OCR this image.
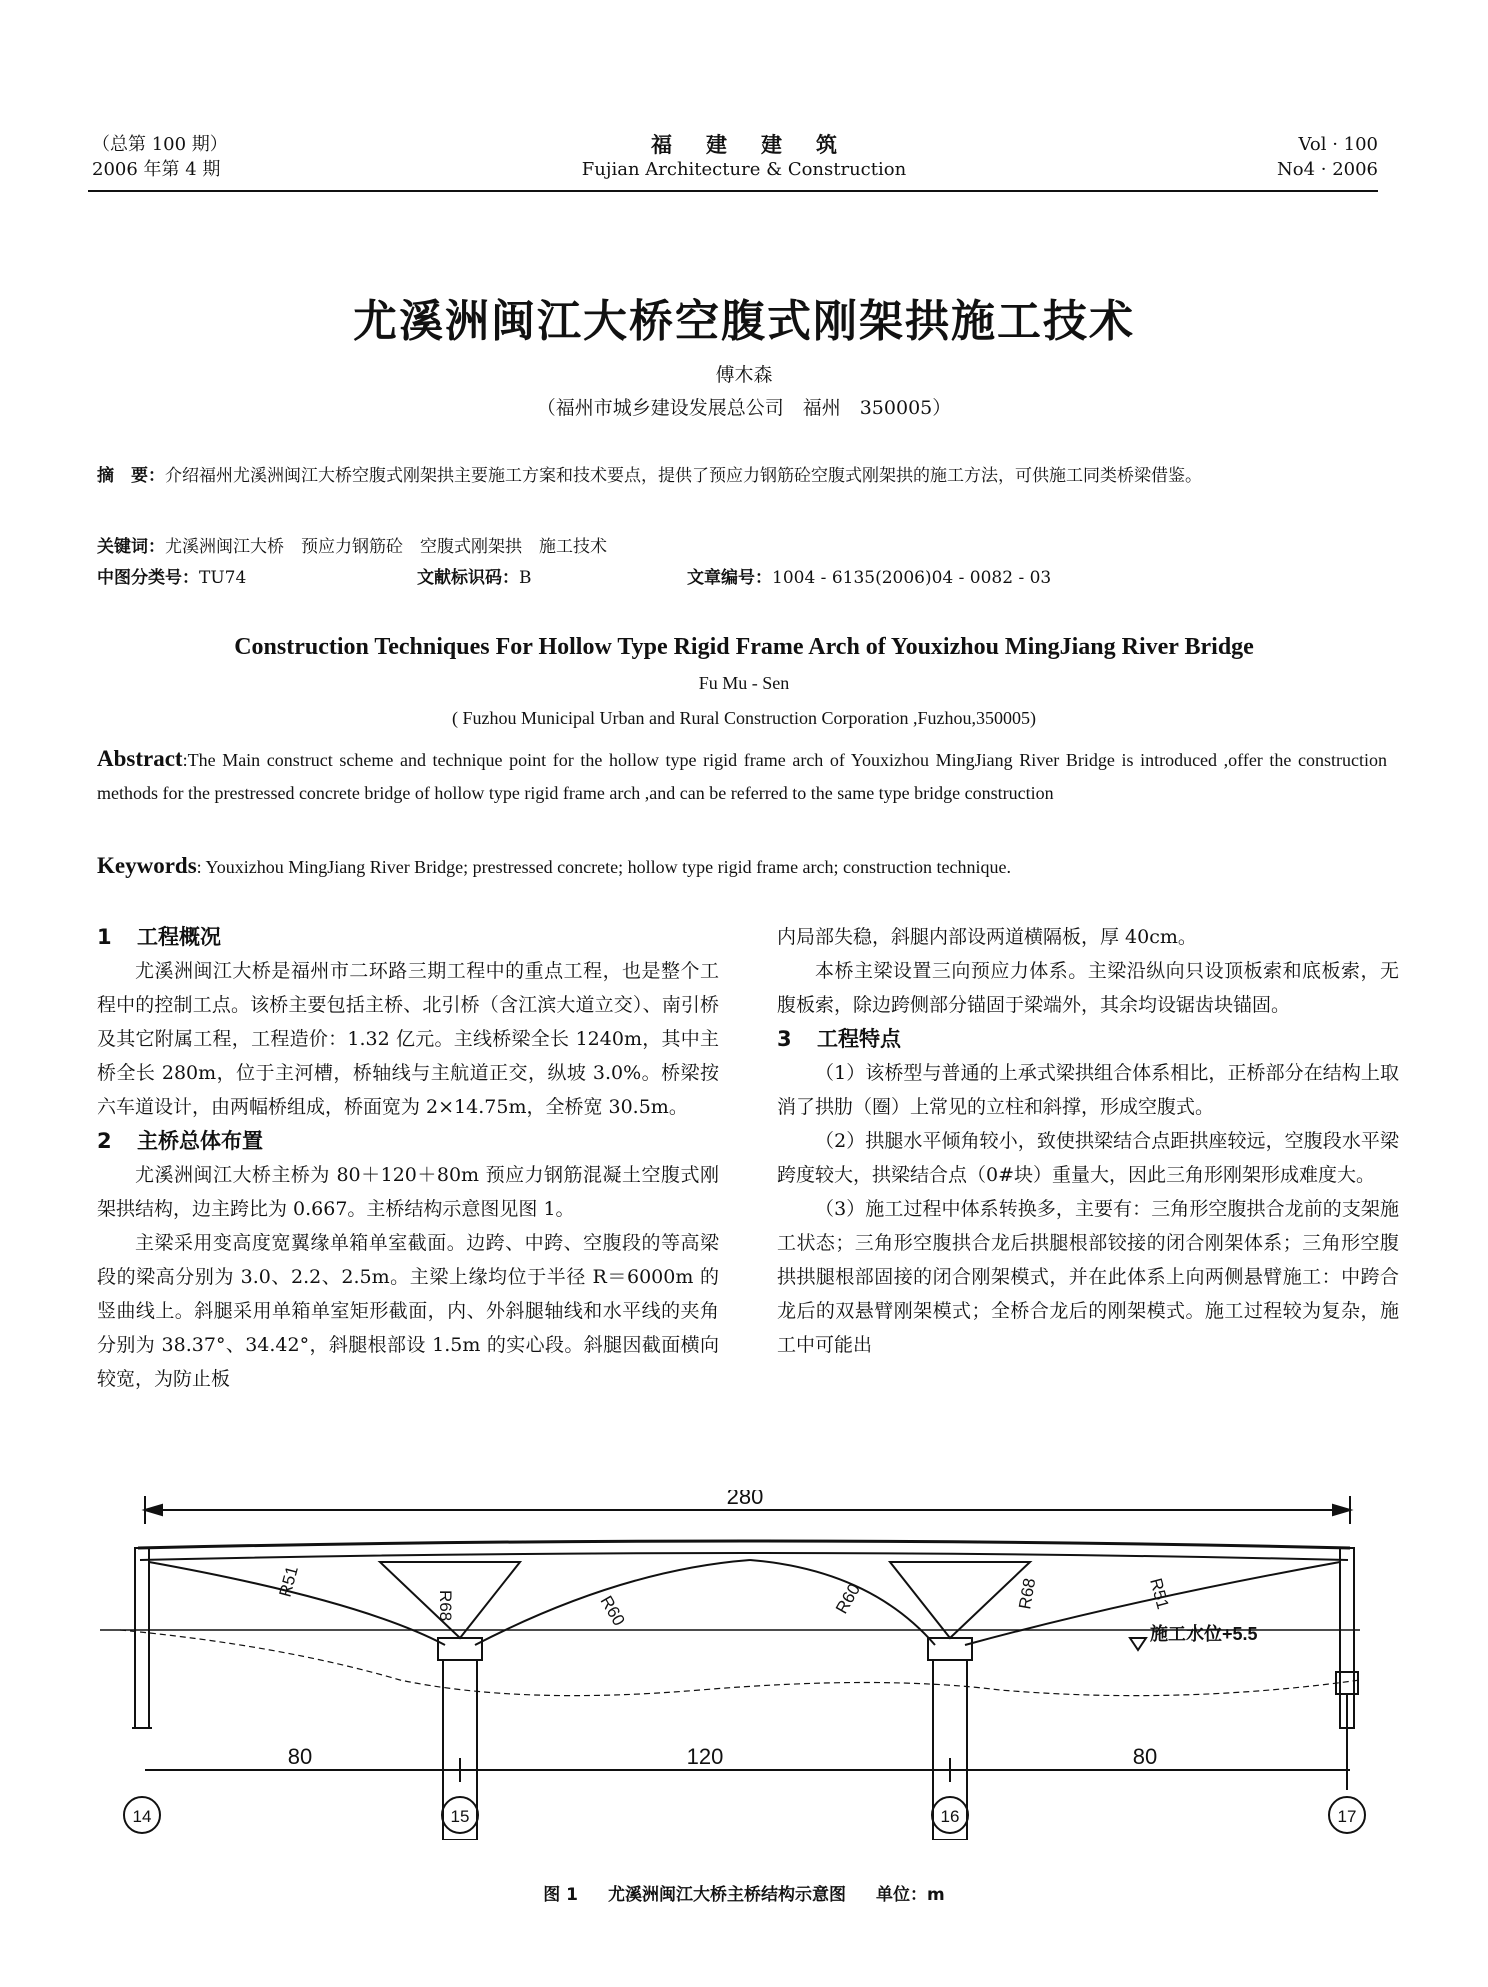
（总第 100 期）
2006 年第 4 期
福建建筑
Fujian Architecture & Construction
Vol · 100
No4 · 2006
尤溪洲闽江大桥空腹式刚架拱施工技术
傅木森
（福州市城乡建设发展总公司　福州　350005）
摘　要：介绍福州尤溪洲闽江大桥空腹式刚架拱主要施工方案和技术要点，提供了预应力钢筋砼空腹式刚架拱的施工方法，可供施工同类桥梁借鉴。
关键词：尤溪洲闽江大桥　预应力钢筋砼　空腹式刚架拱　施工技术
中图分类号：TU74	文献标识码：B	文章编号：1004 - 6135(2006)04 - 0082 - 03
Construction Techniques For Hollow Type Rigid Frame Arch of Youxizhou MingJiang River Bridge
Fu Mu - Sen
( Fuzhou Municipal Urban and Rural Construction Corporation ,Fuzhou,350005)
Abstract:The Main construct scheme and technique point for the hollow type rigid frame arch of Youxizhou MingJiang River Bridge is introduced ,offer the construction methods for the prestressed concrete bridge of hollow type rigid frame arch ,and can be referred to the same type bridge construction
Keywords: Youxizhou MingJiang River Bridge; prestressed concrete; hollow type rigid frame arch; construction technique.
1 工程概况

尤溪洲闽江大桥是福州市二环路三期工程中的重点工程，也是整个工程中的控制工点。该桥主要包括主桥、北引桥（含江滨大道立交）、南引桥及其它附属工程，工程造价：1.32 亿元。主线桥梁全长 1240m，其中主桥全长 280m，位于主河槽，桥轴线与主航道正交，纵坡 3.0%。桥梁按六车道设计，由两幅桥组成，桥面宽为 2×14.75m，全桥宽 30.5m。

2 主桥总体布置

尤溪洲闽江大桥主桥为 80＋120＋80m 预应力钢筋混凝土空腹式刚架拱结构，边主跨比为 0.667。主桥结构示意图见图 1。

主梁采用变高度宽翼缘单箱单室截面。边跨、中跨、空腹段的等高梁段的梁高分别为 3.0、2.2、2.5m。主梁上缘均位于半径 R＝6000m 的竖曲线上。斜腿采用单箱单室矩形截面，内、外斜腿轴线和水平线的夹角分别为 38.37°、34.42°，斜腿根部设 1.5m 的实心段。斜腿因截面横向较宽，为防止板

内局部失稳，斜腿内部设两道横隔板，厚 40cm。

本桥主梁设置三向预应力体系。主梁沿纵向只设顶板索和底板索，无腹板索，除边跨侧部分锚固于梁端外，其余均设锯齿块锚固。

3 工程特点

（1）该桥型与普通的上承式梁拱组合体系相比，正桥部分在结构上取消了拱肋（圈）上常见的立柱和斜撑，形成空腹式。

（2）拱腿水平倾角较小，致使拱梁结合点距拱座较远，空腹段水平梁跨度较大，拱梁结合点（0#块）重量大，因此三角形刚架形成难度大。

（3）施工过程中体系转换多，主要有：三角形空腹拱合龙前的支架施工状态；三角形空腹拱合龙后拱腿根部铰接的闭合刚架体系；三角形空腹拱拱腿根部固接的闭合刚架模式，并在此体系上向两侧悬臂施工：中跨合龙后的双悬臂刚架模式；全桥合龙后的刚架模式。施工过程较为复杂，施工中可能出

280
80	120	80
R51
R68	R60	R60	R68	R51
施工水位+5.5
14	15	16	17
图 1 尤溪洲闽江大桥主桥结构示意图 单位：m
